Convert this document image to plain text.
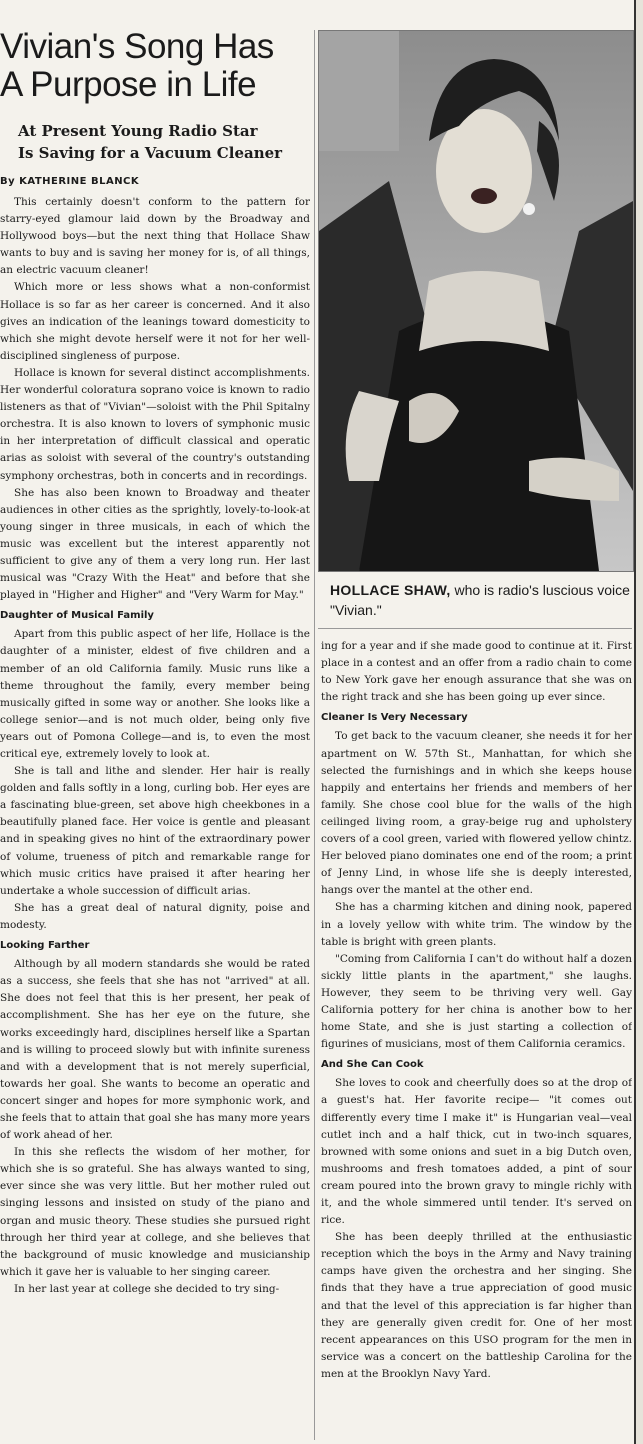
Vivian's Song Has
A Purpose in Life
At Present Young Radio Star
Is Saving for a Vacuum Cleaner
By KATHERINE BLANCK

This certainly doesn't conform to the pattern for starry-eyed glamour laid down by the Broadway and Hollywood boys—but the next thing that Hollace Shaw wants to buy and is saving her money for is, of all things, an electric vacuum cleaner!

Which more or less shows what a non-conformist Hollace is so far as her career is concerned. And it also gives an indication of the leanings toward domesticity to which she might devote herself were it not for her well-disciplined singleness of purpose.

Hollace is known for several distinct accomplishments. Her wonderful coloratura soprano voice is known to radio listeners as that of "Vivian"—soloist with the Phil Spitalny orchestra. It is also known to lovers of symphonic music in her interpretation of difficult classical and operatic arias as soloist with several of the country's outstanding symphony orchestras, both in concerts and in recordings.

She has also been known to Broadway and theater audiences in other cities as the sprightly, lovely-to-look-at young singer in three musicals, in each of which the music was excellent but the interest apparently not sufficient to give any of them a very long run. Her last musical was "Crazy With the Heat" and before that she played in "Higher and Higher" and "Very Warm for May."

Daughter of Musical Family

Apart from this public aspect of her life, Hollace is the daughter of a minister, eldest of five children and a member of an old California family. Music runs like a theme throughout the family, every member being musically gifted in some way or another. She looks like a college senior—and is not much older, being only five years out of Pomona College—and is, to even the most critical eye, extremely lovely to look at.

She is tall and lithe and slender. Her hair is really golden and falls softly in a long, curling bob. Her eyes are a fascinating blue-green, set above high cheekbones in a beautifully planed face. Her voice is gentle and pleasant and in speaking gives no hint of the extraordinary power of volume, trueness of pitch and remarkable range for which music critics have praised it after hearing her undertake a whole succession of difficult arias.

She has a great deal of natural dignity, poise and modesty.

Looking Farther

Although by all modern standards she would be rated as a success, she feels that she has not "arrived" at all. She does not feel that this is her present, her peak of accomplishment. She has her eye on the future, she works exceedingly hard, disciplines herself like a Spartan and is willing to proceed slowly but with infinite sureness and with a development that is not merely superficial, towards her goal. She wants to become an operatic and concert singer and hopes for more symphonic work, and she feels that to attain that goal she has many more years of work ahead of her.

In this she reflects the wisdom of her mother, for which she is so grateful. She has always wanted to sing, ever since she was very little. But her mother ruled out singing lessons and insisted on study of the piano and organ and music theory. These studies she pursued right through her third year at college, and she believes that the background of music knowledge and musicianship which it gave her is valuable to her singing career.

In her last year at college she decided to try sing-

HOLLACE SHAW, who is radio's luscious voice "Vivian."

ing for a year and if she made good to continue at it. First place in a contest and an offer from a radio chain to come to New York gave her enough assurance that she was on the right track and she has been going up ever since.

Cleaner Is Very Necessary

To get back to the vacuum cleaner, she needs it for her apartment on W. 57th St., Manhattan, for which she selected the furnishings and in which she keeps house happily and entertains her friends and members of her family. She chose cool blue for the walls of the high ceilinged living room, a gray-beige rug and upholstery covers of a cool green, varied with flowered yellow chintz. Her beloved piano dominates one end of the room; a print of Jenny Lind, in whose life she is deeply interested, hangs over the mantel at the other end.

She has a charming kitchen and dining nook, papered in a lovely yellow with white trim. The window by the table is bright with green plants.

"Coming from California I can't do without half a dozen sickly little plants in the apartment," she laughs. However, they seem to be thriving very well. Gay California pottery for her china is another bow to her home State, and she is just starting a collection of figurines of musicians, most of them California ceramics.

And She Can Cook

She loves to cook and cheerfully does so at the drop of a guest's hat. Her favorite recipe— "it comes out differently every time I make it" is Hungarian veal—veal cutlet inch and a half thick, cut in two-inch squares, browned with some onions and suet in a big Dutch oven, mushrooms and fresh tomatoes added, a pint of sour cream poured into the brown gravy to mingle richly with it, and the whole simmered until tender. It's served on rice.

She has been deeply thrilled at the enthusiastic reception which the boys in the Army and Navy training camps have given the orchestra and her singing. She finds that they have a true appreciation of good music and that the level of this appreciation is far higher than they are generally given credit for. One of her most recent appearances on this USO program for the men in service was a concert on the battleship Carolina for the men at the Brooklyn Navy Yard.
